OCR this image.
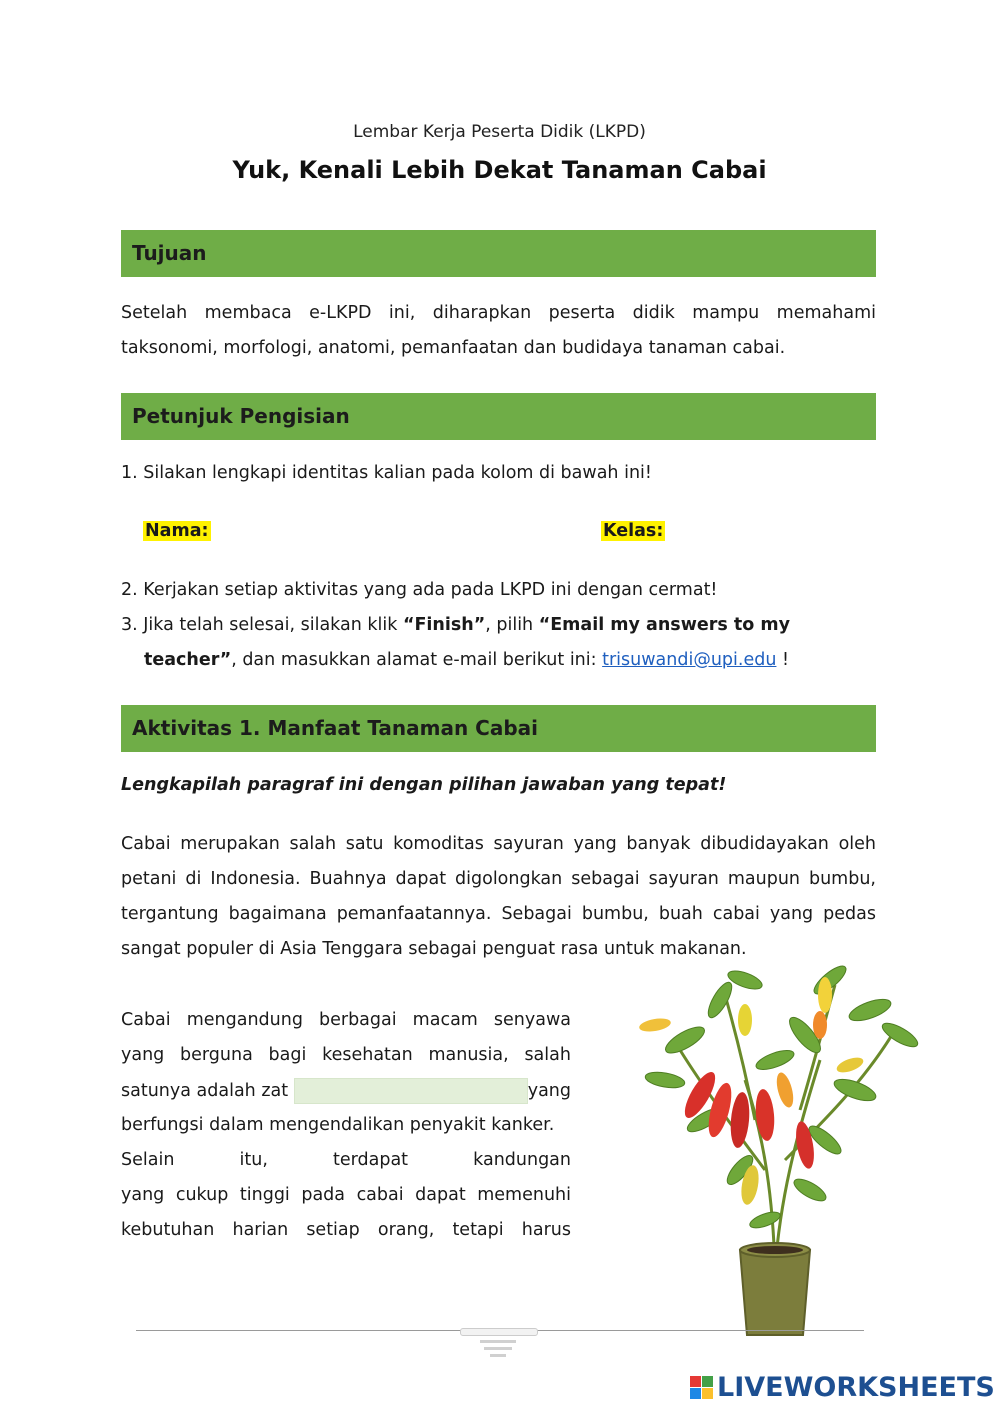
Lembar Kerja Peserta Didik (LKPD)
Yuk, Kenali Lebih Dekat Tanaman Cabai
Tujuan
Setelah membaca e-LKPD ini, diharapkan peserta didik mampu memahami taksonomi, morfologi, anatomi, pemanfaatan dan budidaya tanaman cabai.
Petunjuk Pengisian
1. Silakan lengkapi identitas kalian pada kolom di bawah ini!
Nama:	Kelas:
2. Kerjakan setiap aktivitas yang ada pada LKPD ini dengan cermat!
3. Jika telah selesai, silakan klik “Finish”, pilih “Email my answers to my
teacher”, dan masukkan alamat e-mail berikut ini: trisuwandi@upi.edu !
Aktivitas 1. Manfaat Tanaman Cabai
Lengkapilah paragraf ini dengan pilihan jawaban yang tepat!
Cabai merupakan salah satu komoditas sayuran yang banyak dibudidayakan oleh petani di Indonesia. Buahnya dapat digolongkan sebagai sayuran maupun bumbu, tergantung bagaimana pemanfaatannya. Sebagai bumbu, buah cabai yang pedas sangat populer di Asia Tenggara sebagai penguat rasa untuk makanan.
Cabai mengandung berbagai macam senyawa
yang berguna bagi kesehatan manusia, salah
satunya adalah zat	yang
berfungsi dalam mengendalikan penyakit kanker.
Selain	itu,	terdapat	kandungan
yang cukup tinggi pada cabai dapat memenuhi
kebutuhan harian setiap orang, tetapi harus
LIVEWORKSHEETS
